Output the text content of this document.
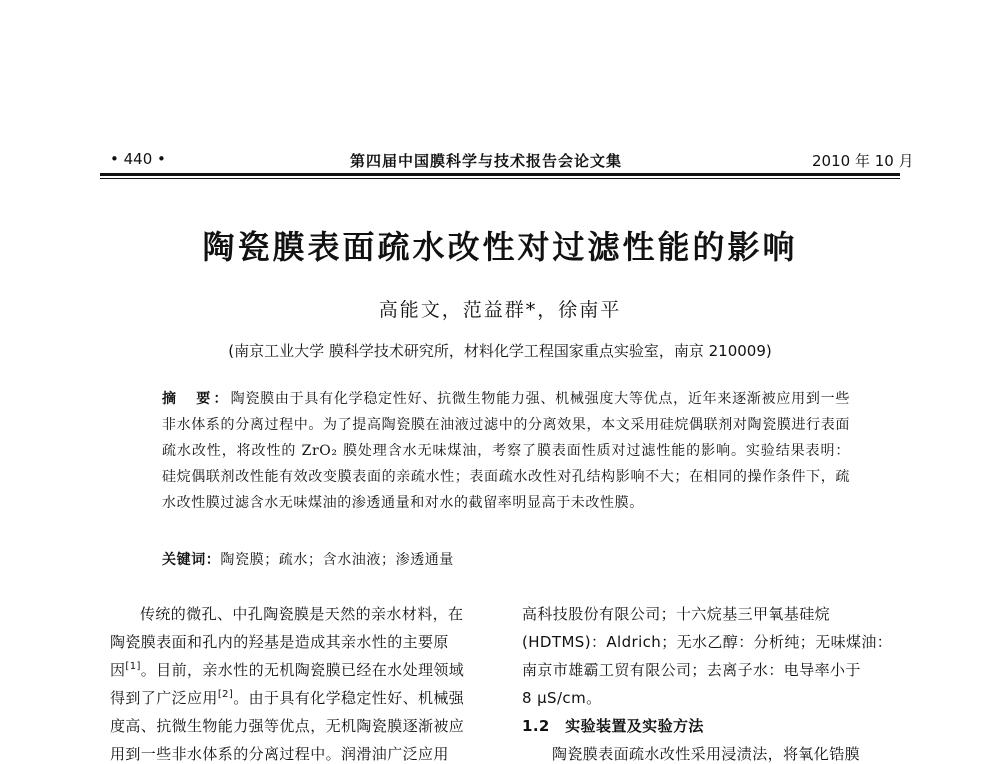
• 440 •	第四届中国膜科学与技术报告会论文集	2010 年 10 月
陶瓷膜表面疏水改性对过滤性能的影响
高能文，范益群*，徐南平
(南京工业大学 膜科学技术研究所，材料化学工程国家重点实验室，南京 210009)
摘　要：陶瓷膜由于具有化学稳定性好、抗微生物能力强、机械强度大等优点，近年来逐渐被应用到一些非水体系的分离过程中。为了提高陶瓷膜在油液过滤中的分离效果，本文采用硅烷偶联剂对陶瓷膜进行表面疏水改性，将改性的 ZrO₂ 膜处理含水无味煤油，考察了膜表面性质对过滤性能的影响。实验结果表明：硅烷偶联剂改性能有效改变膜表面的亲疏水性；表面疏水改性对孔结构影响不大；在相同的操作条件下，疏水改性膜过滤含水无味煤油的渗透通量和对水的截留率明显高于未改性膜。
关键词：陶瓷膜；疏水；含水油液；渗透通量
传统的微孔、中孔陶瓷膜是天然的亲水材料，在
陶瓷膜表面和孔内的羟基是造成其亲水性的主要原
因[1]。目前，亲水性的无机陶瓷膜已经在水处理领域
得到了广泛应用[2]。由于具有化学稳定性好、机械强
度高、抗微生物能力强等优点，无机陶瓷膜逐渐被应
用到一些非水体系的分离过程中。润滑油广泛应用
高科技股份有限公司；十六烷基三甲氧基硅烷
(HDTMS)：Aldrich；无水乙醇：分析纯；无味煤油：
南京市雄霸工贸有限公司；去离子水：电导率小于
8 μS/cm。
1.2　实验装置及实验方法
陶瓷膜表面疏水改性采用浸渍法，将氧化锆膜
